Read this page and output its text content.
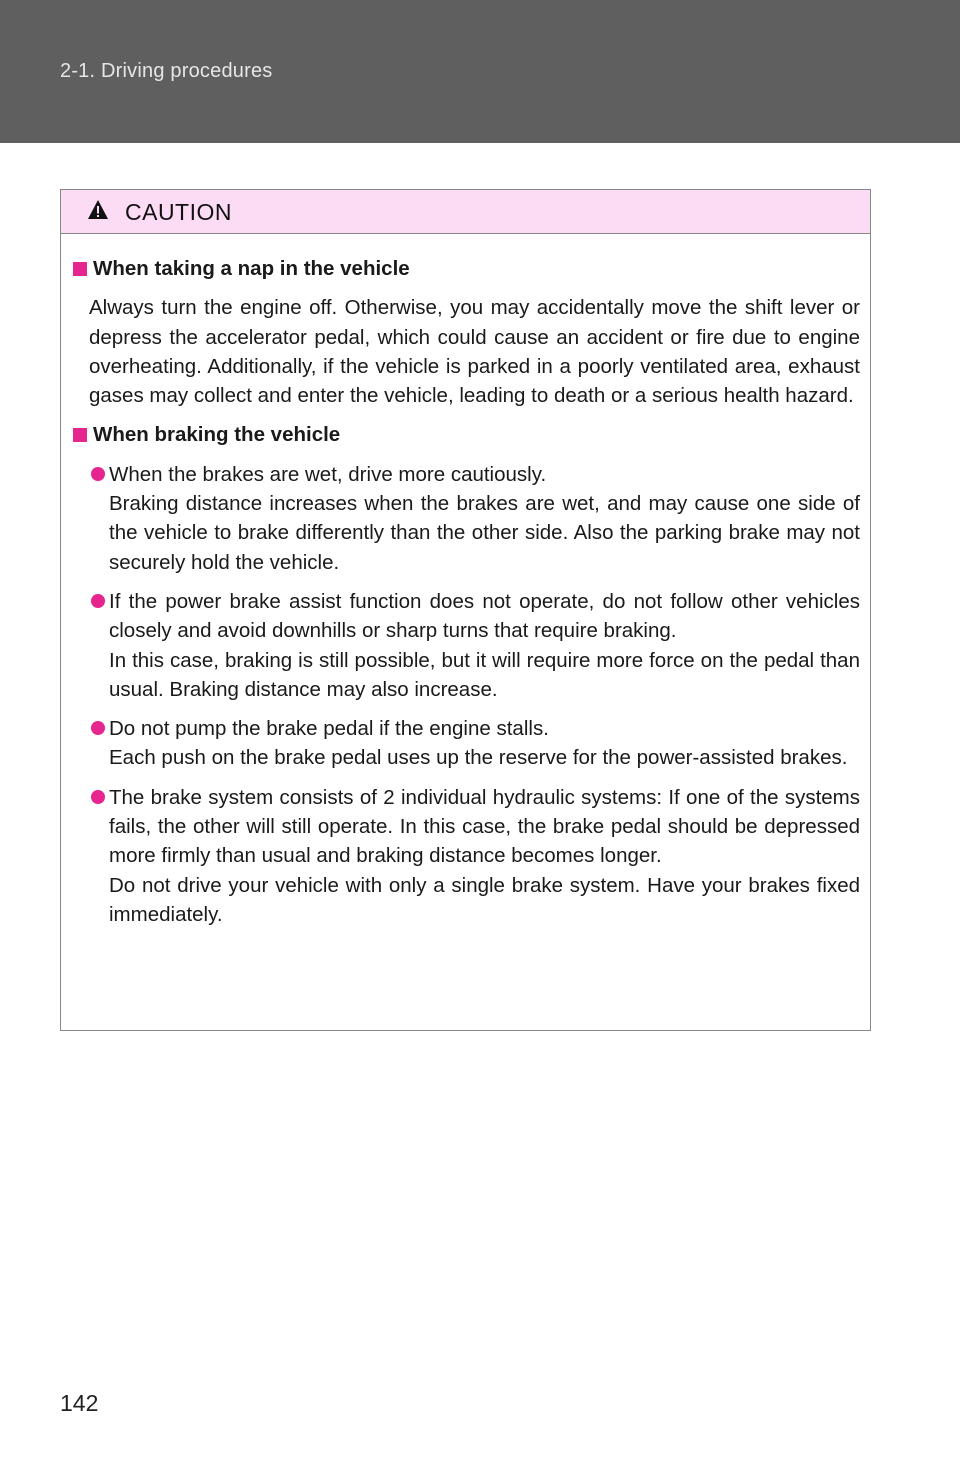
2-1. Driving procedures
CAUTION
When taking a nap in the vehicle
Always turn the engine off. Otherwise, you may accidentally move the shift lever or depress the accelerator pedal, which could cause an accident or fire due to engine overheating. Additionally, if the vehicle is parked in a poorly ventilated area, exhaust gases may collect and enter the vehicle, leading to death or a serious health hazard.
When braking the vehicle

When the brakes are wet, drive more cautiously.

Braking distance increases when the brakes are wet, and may cause one side of the vehicle to brake differently than the other side. Also the parking brake may not securely hold the vehicle.

If the power brake assist function does not operate, do not follow other vehicles closely and avoid downhills or sharp turns that require braking.

In this case, braking is still possible, but it will require more force on the pedal than usual. Braking distance may also increase.

Do not pump the brake pedal if the engine stalls.

Each push on the brake pedal uses up the reserve for the power-assisted brakes.

The brake system consists of 2 individual hydraulic systems: If one of the systems fails, the other will still operate. In this case, the brake pedal should be depressed more firmly than usual and braking distance becomes longer.

Do not drive your vehicle with only a single brake system. Have your brakes fixed immediately.

142
